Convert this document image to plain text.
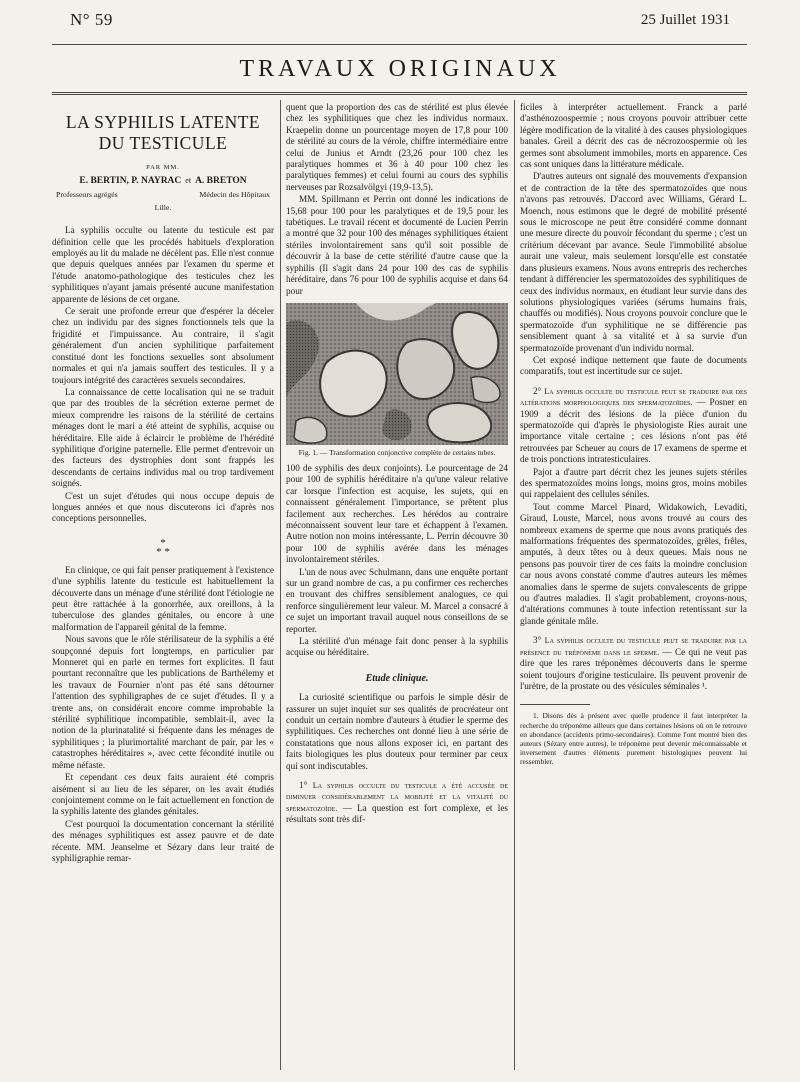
N° 59	25 Juillet 1931
TRAVAUX ORIGINAUX
LA SYPHILIS LATENTE
DU TESTICULE
PAR MM.
E. BERTIN, P. NAYRAC et A. BRETON
Professeurs agrégés	Médecin des Hôpitaux
Lille.

La syphilis occulte ou latente du testicule est par définition celle que les procédés habituels d'exploration employés au lit du malade ne décèlent pas. Elle n'est connue que depuis quelques années par l'examen du sperme et l'étude anatomo-pathologique des testicules chez les syphilitiques n'ayant jamais présenté aucune manifestation apparente de lésions de cet organe.

Ce serait une profonde erreur que d'espérer la déceler chez un individu par des signes fonctionnels tels que la frigidité et l'impuissance. Au contraire, il s'agit généralement d'un ancien syphilitique parfaitement constitué dont les fonctions sexuelles sont absolument normales et qui n'a jamais souffert des testicules. Il y a toujours intégrité des caractères sexuels secondaires.

La connaissance de cette localisation qui ne se traduit que par des troubles de la sécrétion externe permet de mieux comprendre les raisons de la stérilité de certains ménages dont le mari a été atteint de syphilis, acquise ou héréditaire. Elle aide à éclaircir le problème de l'hérédité syphilitique d'origine paternelle. Elle permet d'entrevoir un des facteurs des dystrophies dont sont frappés les descendants de certains individus mal ou trop tardivement soignés.

C'est un sujet d'études qui nous occupe depuis de longues années et que nous discuterons ici d'après nos conceptions personnelles.

*
* *

En clinique, ce qui fait penser pratiquement à l'existence d'une syphilis latente du testicule est habituellement la découverte dans un ménage d'une stérilité dont l'étiologie ne peut être rattachée à la gonorrhée, aux oreillons, à la tuberculose des glandes génitales, ou encore à une malformation de l'appareil génital de la femme.

Nous savons que le rôle stérilisateur de la syphilis a été soupçonné depuis fort longtemps, en particulier par Monneret qui en parle en termes fort explicites. Il faut pourtant reconnaître que les publications de Barthélemy et les travaux de Fournier n'ont pas été sans détourner l'attention des syphiligraphes de ce sujet d'études. Il y a trente ans, on considérait encore comme improbable la stérilité syphilitique incompatible, semblait-il, avec la notion de la plurinatalité si fréquente dans les ménages de syphilitiques ; la plurimortalité marchant de pair, par les « catastrophes héréditaires », avec cette fécondité inutile ou même néfaste.

Et cependant ces deux faits auraient été compris aisément si au lieu de les séparer, on les avait étudiés conjointement comme on le fait actuellement en fonction de la syphilis latente des glandes génitales.

C'est pourquoi la documentation concernant la stérilité des ménages syphilitiques est assez pauvre et de date récente. MM. Jeanselme et Sézary dans leur traité de syphiligraphie remar-

quent que la proportion des cas de stérilité est plus élevée chez les syphilitiques que chez les individus normaux. Kraepelin donne un pourcentage moyen de 17,8 pour 100 de stérilité au cours de la vérole, chiffre intermédiaire entre celui de Junius et Arndt (23,26 pour 100 chez les paralytiques hommes et 36 à 40 pour 100 chez les paralytiques femmes) et celui fourni au cours des syphilis nerveuses par Rozsalvölgyi (19,9-13,5).

MM. Spillmann et Perrin ont donné les indications de 15,68 pour 100 pour les paralytiques et de 19,5 pour les tabétiques. Le travail récent et documenté de Lucien Perrin a montré que 32 pour 100 des ménages syphilitiques étaient stériles involontairement sans qu'il soit possible de découvrir à la base de cette stérilité d'autre cause que la syphilis (Il s'agit dans 24 pour 100 des cas de syphilis héréditaire, dans 76 pour 100 de syphilis acquise et dans 64 pour

Fig. 1. — Transformation conjonctive complète de certains tubes.

100 de syphilis des deux conjoints). Le pourcentage de 24 pour 100 de syphilis héréditaire n'a qu'une valeur relative car lorsque l'infection est acquise, les sujets, qui en connaissent généralement l'importance, se prêtent plus facilement aux recherches. Les hérédos au contraire méconnaissent souvent leur tare et échappent à l'examen. Autre notion non moins intéressante, L. Perrin découvre 30 pour 100 de syphilis avérée dans les ménages involontairement stériles.

L'un de nous avec Schulmann, dans une enquête portant sur un grand nombre de cas, a pu confirmer ces recherches en trouvant des chiffres sensiblement analogues, ce qui renforce singulièrement leur valeur. M. Marcel a consacré à ce sujet un important travail auquel nous conseillons de se reporter.

La stérilité d'un ménage fait donc penser à la syphilis acquise ou héréditaire.

Etude clinique.

La curiosité scientifique ou parfois le simple désir de rassurer un sujet inquiet sur ses qualités de procréateur ont conduit un certain nombre d'auteurs à étudier le sperme des syphilitiques. Ces recherches ont donné lieu à une série de constatations que nous allons exposer ici, en partant des faits biologiques les plus douteux pour terminer par ceux qui sont indiscutables.

1° La syphilis occulte du testicule a été accusée de diminuer considérablement la mobilité et la vitalité du spermatozoïde. — La question est fort complexe, et les résultats sont très dif-

ficiles à interpréter actuellement. Franck a parlé d'asthénozoospermie ; nous croyons pouvoir attribuer cette légère modification de la vitalité à des causes physiologiques banales. Greil a décrit des cas de nécrozoospermie où les germes sont absolument immobiles, morts en apparence. Ces cas sont uniques dans la littérature médicale.

D'autres auteurs ont signalé des mouvements d'expansion et de contraction de la tête des spermatozoïdes que nous n'avons pas retrouvés. D'accord avec Williams, Gérard L. Moench, nous estimons que le degré de mobilité présenté sous le microscope ne peut être considéré comme donnant une mesure directe du pouvoir fécondant du sperme ; c'est un critérium décevant par avance. Seule l'immobilité absolue aurait une valeur, mais seulement lorsqu'elle est constatée dans plusieurs examens. Nous avons entrepris des recherches tendant à différencier les spermatozoïdes des syphilitiques de ceux des individus normaux, en étudiant leur survie dans des solutions physiologiques variées (sérums humains frais, chauffés ou modifiés). Nous croyons pouvoir conclure que le spermatozoïde d'un syphilitique ne se différencie pas sensiblement quant à sa vitalité et à sa survie d'un spermatozoïde provenant d'un individu normal.

Cet exposé indique nettement que faute de documents comparatifs, tout est incertitude sur ce sujet.

2° La syphilis occulte du testicule peut se traduire par des altérations morphologiques des spermatozoïdes. — Posner en 1909 a décrit des lésions de la pièce d'union du spermatozoïde qui d'après le physiologiste Ries aurait une importance vitale certaine ; ces lésions n'ont pas été retrouvées par Scheuer au cours de 17 examens de sperme et de trois ponctions intratesticulaires.

Pajot a d'autre part décrit chez les jeunes sujets stériles des spermatozoïdes moins longs, moins gros, moins mobiles qui rappelaient des cellules séniles.

Tout comme Marcel Pinard, Widakowich, Levaditi, Giraud, Louste, Marcel, nous avons trouvé au cours des nombreux examens de sperme que nous avons pratiqués des malformations fréquentes des spermatozoïdes, grêles, frêles, amputés, à deux têtes ou à deux queues. Mais nous ne pensons pas pouvoir tirer de ces faits la moindre conclusion car nous avons constaté comme d'autres auteurs les mêmes anomalies dans le sperme de sujets convalescents de grippe ou d'autres maladies. Il s'agit probablement, croyons-nous, d'altérations communes à toute infection retentissant sur la glande génitale mâle.

3° La syphilis occulte du testicule peut se traduire par la présence du tréponème dans le sperme. — Ce qui ne veut pas dire que les rares tréponèmes découverts dans le sperme soient toujours d'origine testiculaire. Ils peuvent provenir de l'urètre, de la prostate ou des vésicules séminales ¹.

1. Disons dès à présent avec quelle prudence il faut interpréter la recherche du tréponème ailleurs que dans certaines lésions où on le retrouve en abondance (accidents primo-secondaires). Comme l'ont montré bien des auteurs (Sézary entre autres), le tréponème peut devenir méconnaissable et inversement d'autres éléments purement histologiques peuvent lui ressembler.
